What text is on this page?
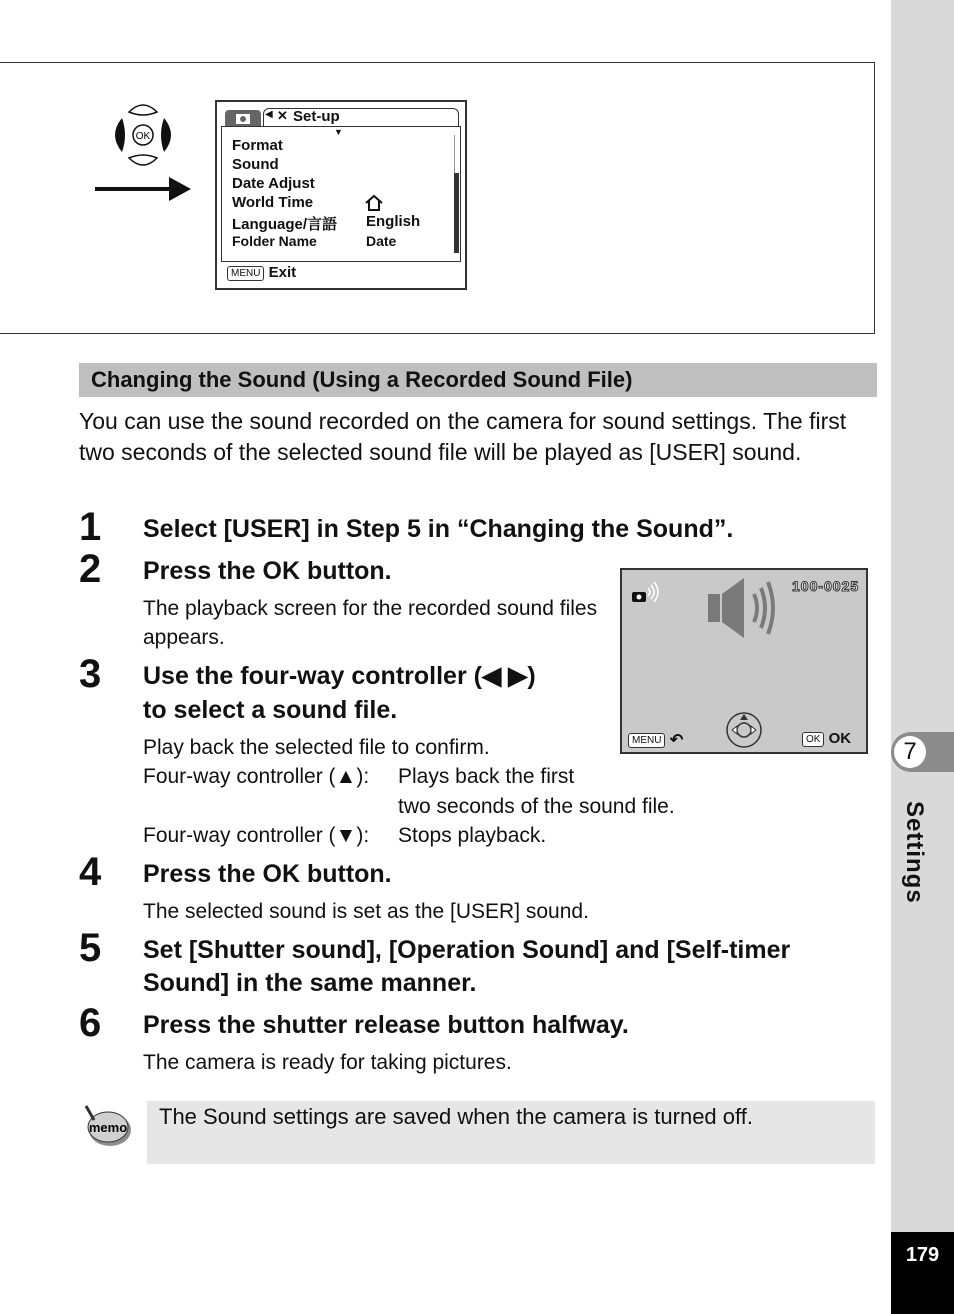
7
Settings
179
OK
◀ ✕ Set-up
▼
Format
Sound
Date Adjust
World Time
Language/言語 English
Folder Name	Date
MENU Exit
Changing the Sound (Using a Recorded Sound File)
You can use the sound recorded on the camera for sound settings. The first two seconds of the selected sound file will be played as [USER] sound.
1 Select [USER] in Step 5 in “Changing the Sound”.
2 Press the OK button.
The playback screen for the recorded sound files appears.
100-0025
MENU ↶	OK OK
3 Use the four-way controller (◀ ▶)
to select a sound file.
Play back the selected file to confirm.
Four-way controller (▲): Plays back the first
two seconds of the sound file.
Four-way controller (▼): Stops playback.
4 Press the OK button.
The selected sound is set as the [USER] sound.
5 Set [Shutter sound], [Operation Sound] and [Self-timer
Sound] in the same manner.
6 Press the shutter release button halfway.
The camera is ready for taking pictures.
memo The Sound settings are saved when the camera is turned off.
